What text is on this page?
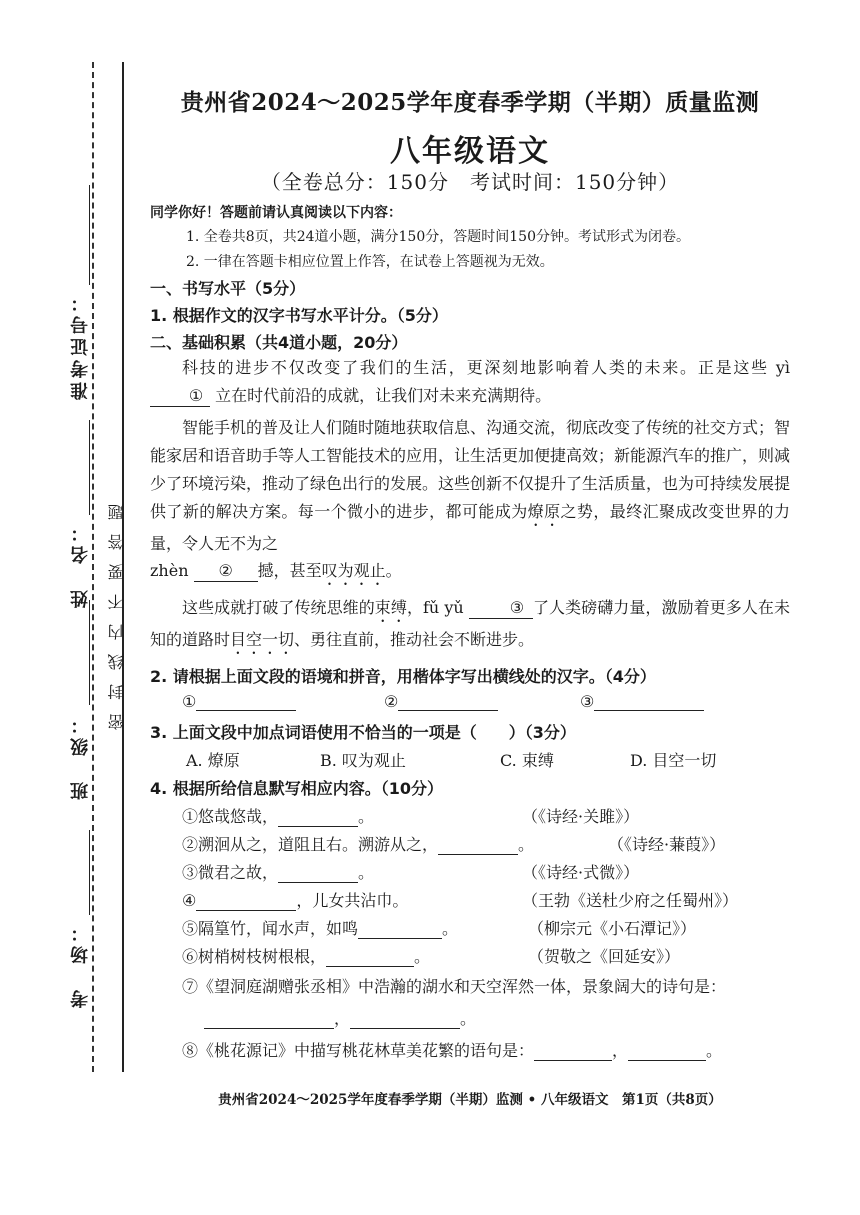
准考证号：
姓　名：
班　级：
考　场：
密封线内不要答题
贵州省2024～2025学年度春季学期（半期）质量监测
八年级语文
（全卷总分：150分　考试时间：150分钟）
同学你好！答题前请认真阅读以下内容：
1. 全卷共8页，共24道小题，满分150分，答题时间150分钟。考试形式为闭卷。
2. 一律在答题卡相应位置上作答，在试卷上答题视为无效。
一、书写水平（5分）
1. 根据作文的汉字书写水平计分。（5分）
二、基础积累（共4道小题，20分）
科技的进步不仅改变了我们的生活，更深刻地影响着人类的未来。正是这些 yì ① 立在时代前沿的成就，让我们对未来充满期待。
智能手机的普及让人们随时随地获取信息、沟通交流，彻底改变了传统的社交方式；智能家居和语音助手等人工智能技术的应用，让生活更加便捷高效；新能源汽车的推广，则减少了环境污染，推动了绿色出行的发展。这些创新不仅提升了生活质量，也为可持续发展提供了新的解决方案。每一个微小的进步，都可能成为燎原之势，最终汇聚成改变世界的力量，令人无不为之
zhèn ② 撼，甚至叹为观止。
这些成就打破了传统思维的束缚，fǔ yǔ	③ 了人类磅礴力量，激励着更多人在未知的道路时目空一切、勇往直前，推动社会不断进步。
2. 请根据上面文段的语境和拼音，用楷体字写出横线处的汉字。（4分）
①	②	③
3. 上面文段中加点词语使用不恰当的一项是（　　）（3分）
A. 燎原	B. 叹为观止	C. 束缚	D. 目空一切
4. 根据所给信息默写相应内容。（10分）
①悠哉悠哉，	。	（《诗经·关雎》）
②溯洄从之，道阻且右。溯游从之，	。	（《诗经·蒹葭》）
③微君之故，	。	（《诗经·式微》）
④	，儿女共沾巾。	（王勃《送杜少府之任蜀州》）
⑤隔篁竹，闻水声，如鸣	。	（柳宗元《小石潭记》）
⑥树梢树枝树根根，	。	（贺敬之《回延安》）
⑦《望洞庭湖赠张丞相》中浩瀚的湖水和天空浑然一体，景象阔大的诗句是：
，	。
⑧《桃花源记》中描写桃花林草美花繁的语句是：	，	。
贵州省2024～2025学年度春季学期（半期）监测 • 八年级语文　第1页（共8页）
